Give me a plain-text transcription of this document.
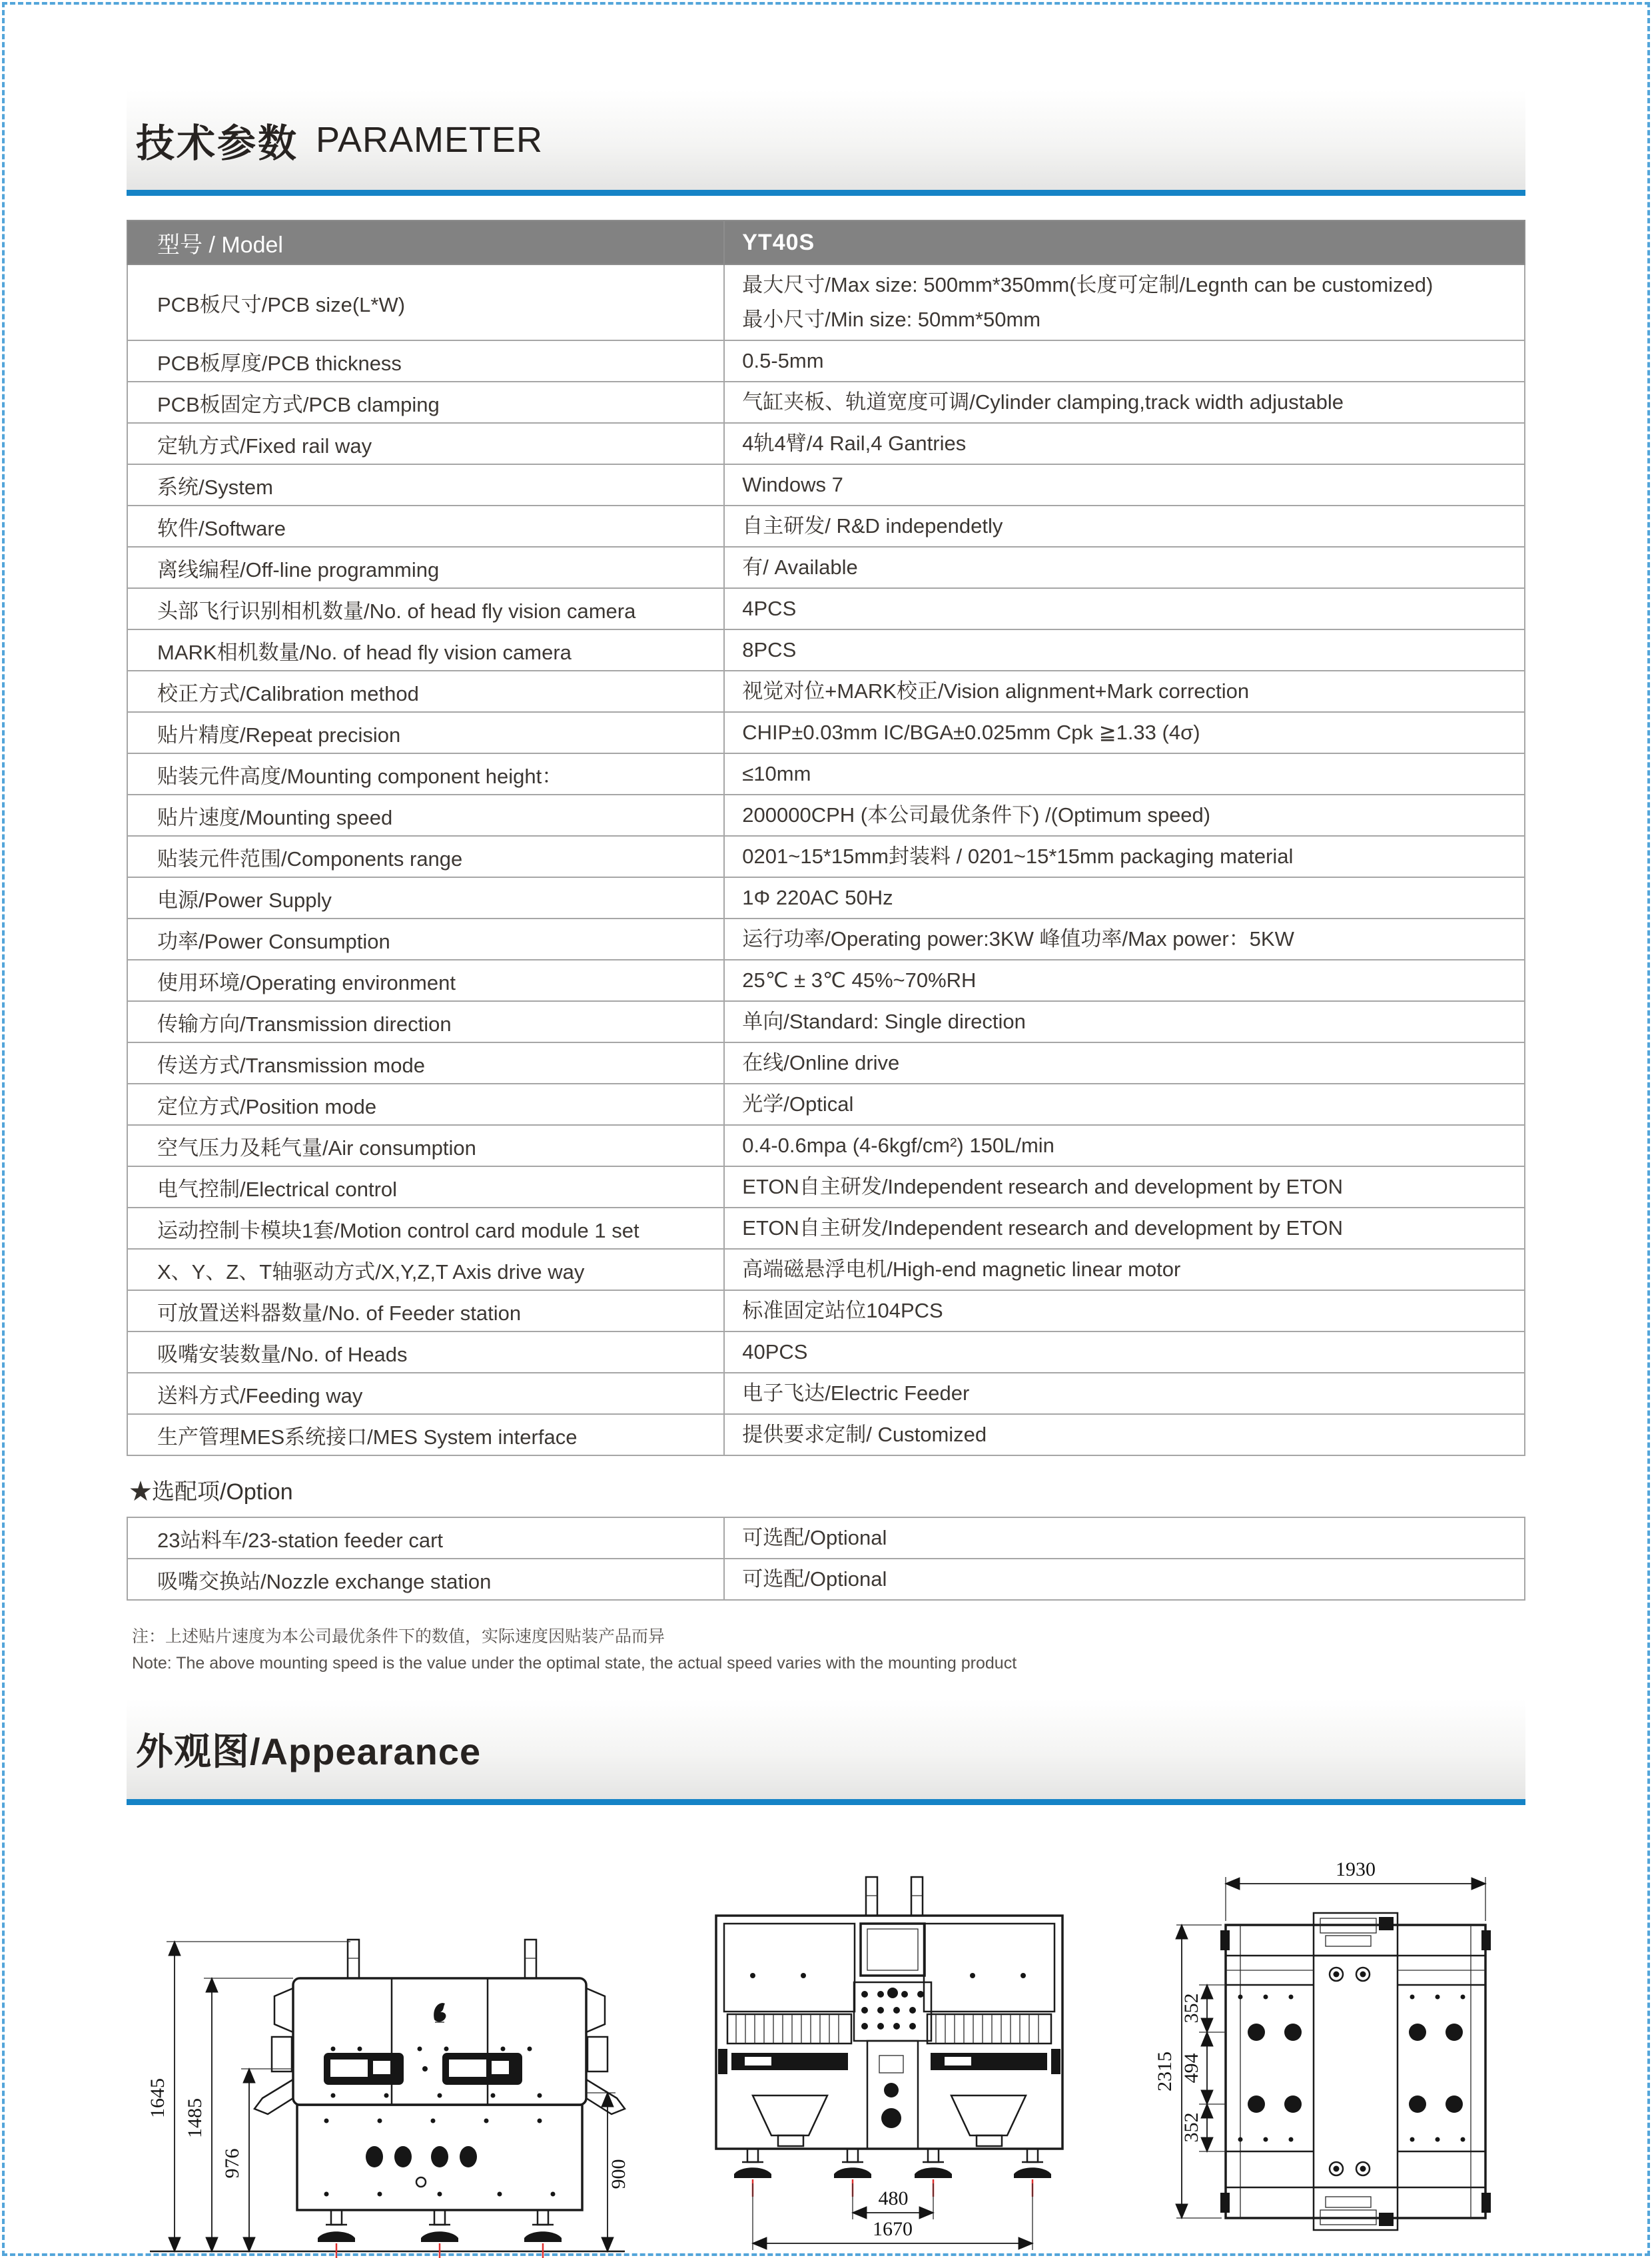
技术参数 PARAMETER
型号 / Model	YT40S
PCB板尺寸/PCB size(L*W)	最大尺寸/Max size: 500mm*350mm(长度可定制/Legnth can be customized)
最小尺寸/Min size: 50mm*50mm

PCB板厚度/PCB thickness	0.5-5mm

PCB板固定方式/PCB clamping	气缸夹板、轨道宽度可调/Cylinder clamping,track width adjustable

定轨方式/Fixed rail way	4轨4臂/4 Rail,4 Gantries

系统/System	Windows 7

软件/Software	自主研发/ R&D independetly

离线编程/Off-line programming	有/ Available

头部飞行识别相机数量/No. of head fly vision camera	4PCS

MARK相机数量/No. of head fly vision camera	8PCS

校正方式/Calibration method	视觉对位+MARK校正/Vision alignment+Mark correction

贴片精度/Repeat precision	CHIP±0.03mm IC/BGA±0.025mm Cpk ≧1.33 (4σ)

贴装元件高度/Mounting component height：	≤10mm

贴片速度/Mounting speed	200000CPH (本公司最优条件下) /(Optimum speed)

贴装元件范围/Components range	0201~15*15mm封装料 / 0201~15*15mm packaging material

电源/Power Supply	1Φ 220AC 50Hz

功率/Power Consumption	运行功率/Operating power:3KW 峰值功率/Max power：5KW

使用环境/Operating environment	25℃ ± 3℃ 45%~70%RH

传输方向/Transmission direction	单向/Standard: Single direction

传送方式/Transmission mode	在线/Online drive

定位方式/Position mode	光学/Optical

空气压力及耗气量/Air consumption	0.4-0.6mpa (4-6kgf/cm²) 150L/min

电气控制/Electrical control	ETON自主研发/Independent research and development by ETON

运动控制卡模块1套/Motion control card module 1 set	ETON自主研发/Independent research and development by ETON

X、Y、Z、T轴驱动方式/X,Y,Z,T Axis drive way	高端磁悬浮电机/High-end magnetic linear motor

可放置送料器数量/No. of Feeder station	标准固定站位104PCS

吸嘴安装数量/No. of Heads	40PCS

送料方式/Feeding way	电子飞达/Electric Feeder

生产管理MES系统接口/MES System interface	提供要求定制/ Customized
★选配项/Option
23站料车/23-station feeder cart	可选配/Optional

吸嘴交换站/Nozzle exchange station	可选配/Optional
注：上述贴片速度为本公司最优条件下的数值，实际速度因贴装产品而异
Note: The above mounting speed is the value under the optimal state, the actual speed varies with the mounting product
外观图/Appearance
1645 1485
976	900
480
1670
1930
2315
352
494
352
